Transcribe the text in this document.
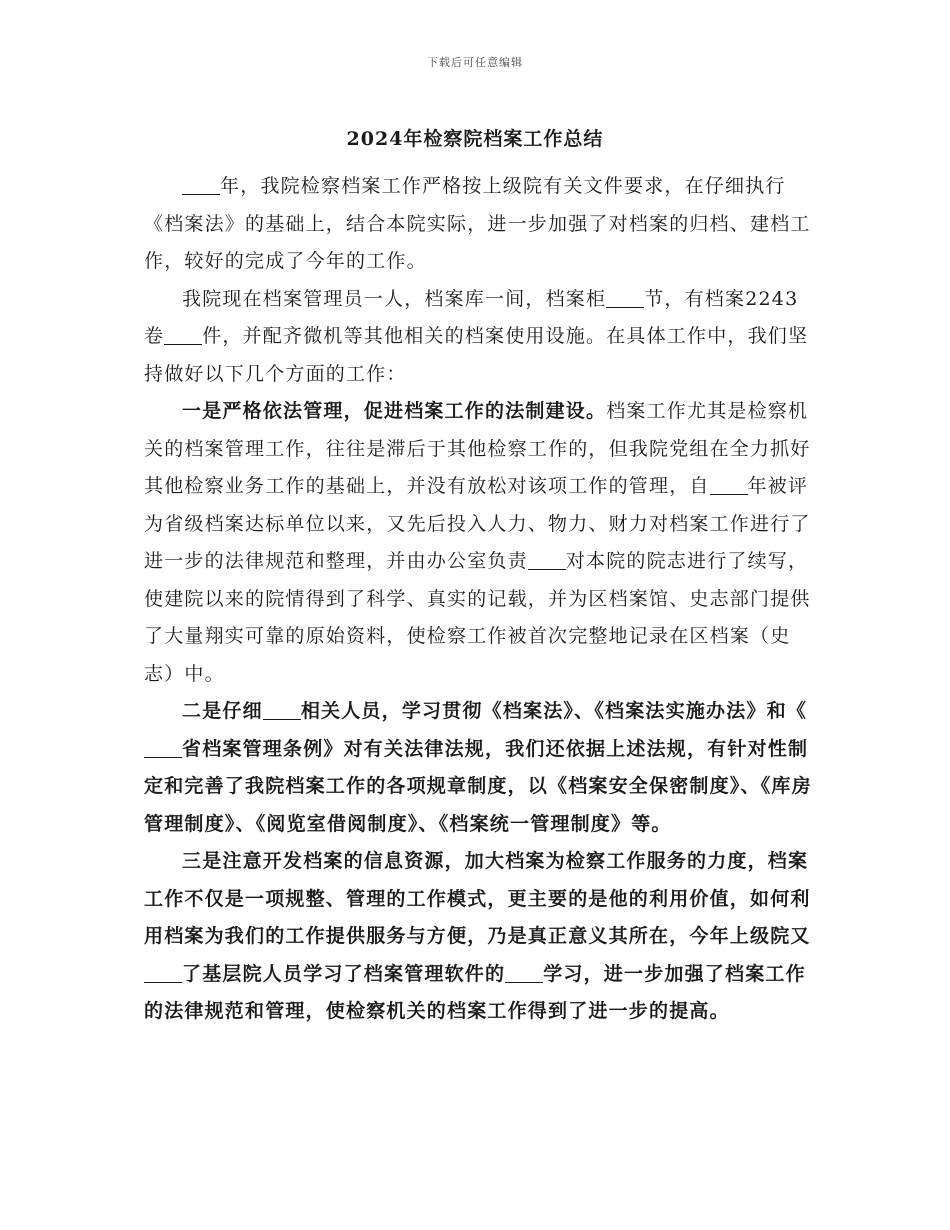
下载后可任意编辑
2024年检察院档案工作总结

年，我院检察档案工作严格按上级院有关文件要求，在仔细执行《档案法》的基础上，结合本院实际，进一步加强了对档案的归档、建档工作，较好的完成了今年的工作。

我院现在档案管理员一人，档案库一间，档案柜 节，有档案2243卷 件，并配齐微机等其他相关的档案使用设施。在具体工作中，我们坚持做好以下几个方面的工作：

一是严格依法管理，促进档案工作的法制建设。档案工作尤其是检察机关的档案管理工作，往往是滞后于其他检察工作的，但我院党组在全力抓好其他检察业务工作的基础上，并没有放松对该项工作的管理，自 年被评为省级档案达标单位以来，又先后投入人力、物力、财力对档案工作进行了进一步的法律规范和整理，并由办公室负责 对本院的院志进行了续写，使建院以来的院情得到了科学、真实的记载，并为区档案馆、史志部门提供了大量翔实可靠的原始资料，使检察工作被首次完整地记录在区档案（史志）中。

二是仔细 相关人员，学习贯彻《档案法》、《档案法实施办法》和《省档案管理条例》对有关法律法规，我们还依据上述法规，有针对性制定和完善了我院档案工作的各项规章制度，以《档案安全保密制度》、《库房管理制度》、《阅览室借阅制度》、《档案统一管理制度》等。

三是注意开发档案的信息资源，加大档案为检察工作服务的力度，档案工作不仅是一项规整、管理的工作模式，更主要的是他的利用价值，如何利用档案为我们的工作提供服务与方便，乃是真正意义其所在，今年上级院又了基层院人员学习了档案管理软件的 学习，进一步加强了档案工作的法律规范和管理，使检察机关的档案工作得到了进一步的提高。
